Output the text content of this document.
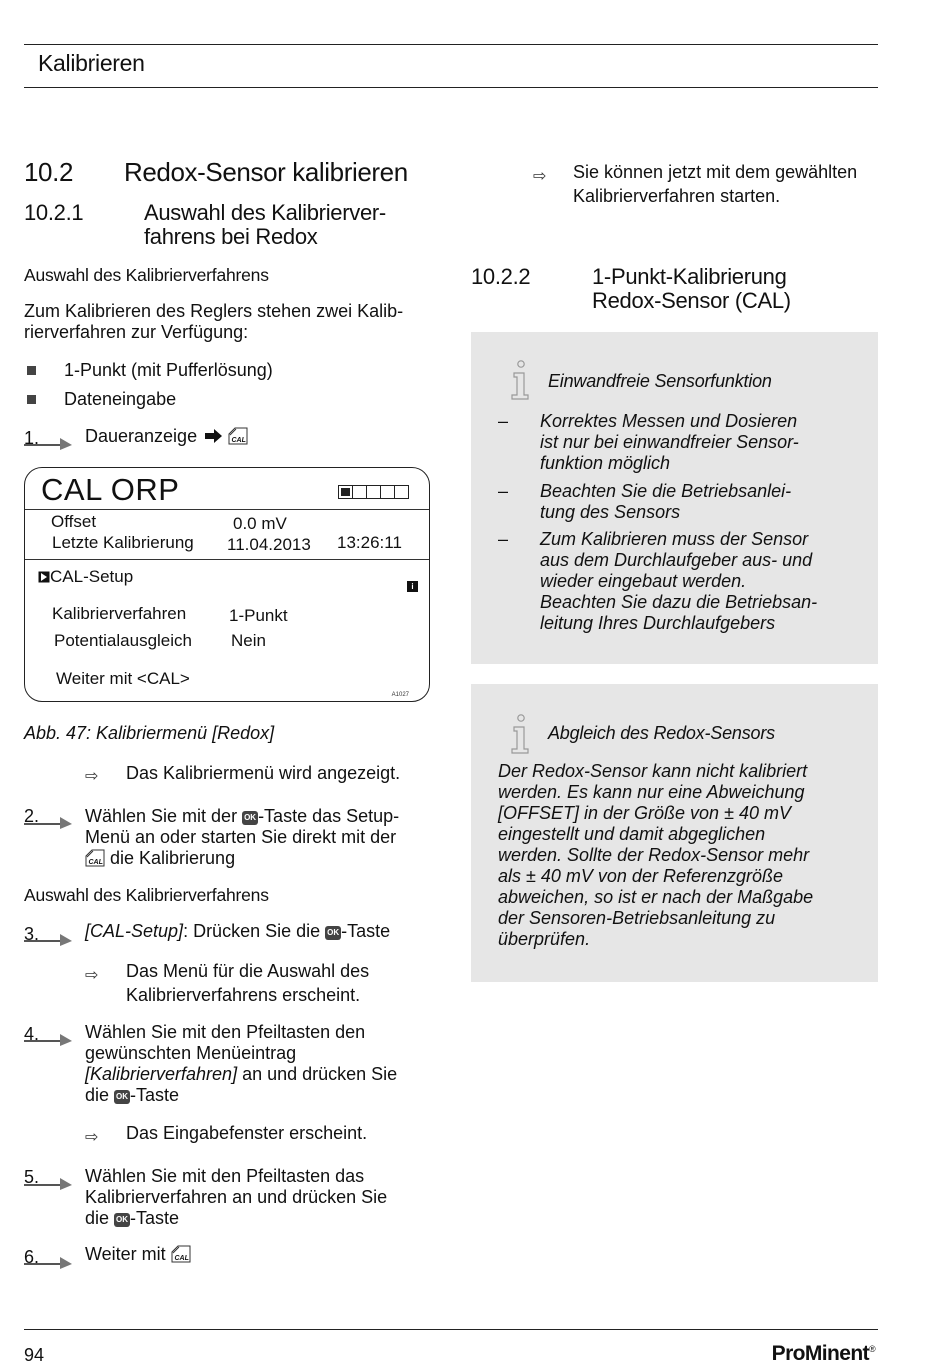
Kalibrieren
10.2 Redox-Sensor kalibrieren
10.2.1	Auswahl des Kalibrierver-
fahrens bei Redox
Auswahl des Kalibrierverfahrens
Zum Kalibrieren des Reglers stehen zwei Kalib-
rierverfahren zur Verfügung:
1-Punkt (mit Pufferlösung)
Dateneingabe
1.	Daueranzeige	CAL
CAL ORP
Offset	0.0 mV
Letzte Kalibrierung 11.04.2013 13:26:11
CAL-Setup
i
Kalibrierverfahren	1-Punkt
Potentialausgleich Nein
Weiter mit <CAL>
A1027
Abb. 47: Kalibriermenü [Redox]
⇨ Das Kalibriermenü wird angezeigt.
2.	Wählen Sie mit der OK -Taste das Setup-
Menü an oder starten Sie direkt mit der

CAL die Kalibrierung
Auswahl des Kalibrierverfahrens
3.	[CAL-Setup]: Drücken Sie die OK -Taste
⇨ Das Menü für die Auswahl des
Kalibrierverfahrens erscheint.
4.	Wählen Sie mit den Pfeiltasten den
gewünschten Menüeintrag
[Kalibrierverfahren] an und drücken Sie
die OK -Taste
⇨ Das Eingabefenster erscheint.
5.	Wählen Sie mit den Pfeiltasten das
Kalibrierverfahren an und drücken Sie
die OK -Taste
6.	Weiter mit CAL
⇨ Sie können jetzt mit dem gewählten
Kalibrierverfahren starten.
10.2.2	1-Punkt-Kalibrierung
Redox-Sensor (CAL)
Einwandfreie Sensorfunktion
– Korrektes Messen und Dosieren
ist nur bei einwandfreier Sensor-
funktion möglich
– Beachten Sie die Betriebsanlei-
tung des Sensors
– Zum Kalibrieren muss der Sensor
aus dem Durchlaufgeber aus- und
wieder eingebaut werden.
Beachten Sie dazu die Betriebsan-
leitung Ihres Durchlaufgebers
Abgleich des Redox-Sensors
Der Redox-Sensor kann nicht kalibriert
werden. Es kann nur eine Abweichung
[OFFSET] in der Größe von ± 40 mV
eingestellt und damit abgeglichen
werden. Sollte der Redox-Sensor mehr
als ± 40 mV von der Referenzgröße
abweichen, so ist er nach der Maßgabe
der Sensoren-Betriebsanleitung zu
überprüfen.
94	ProMinent®
